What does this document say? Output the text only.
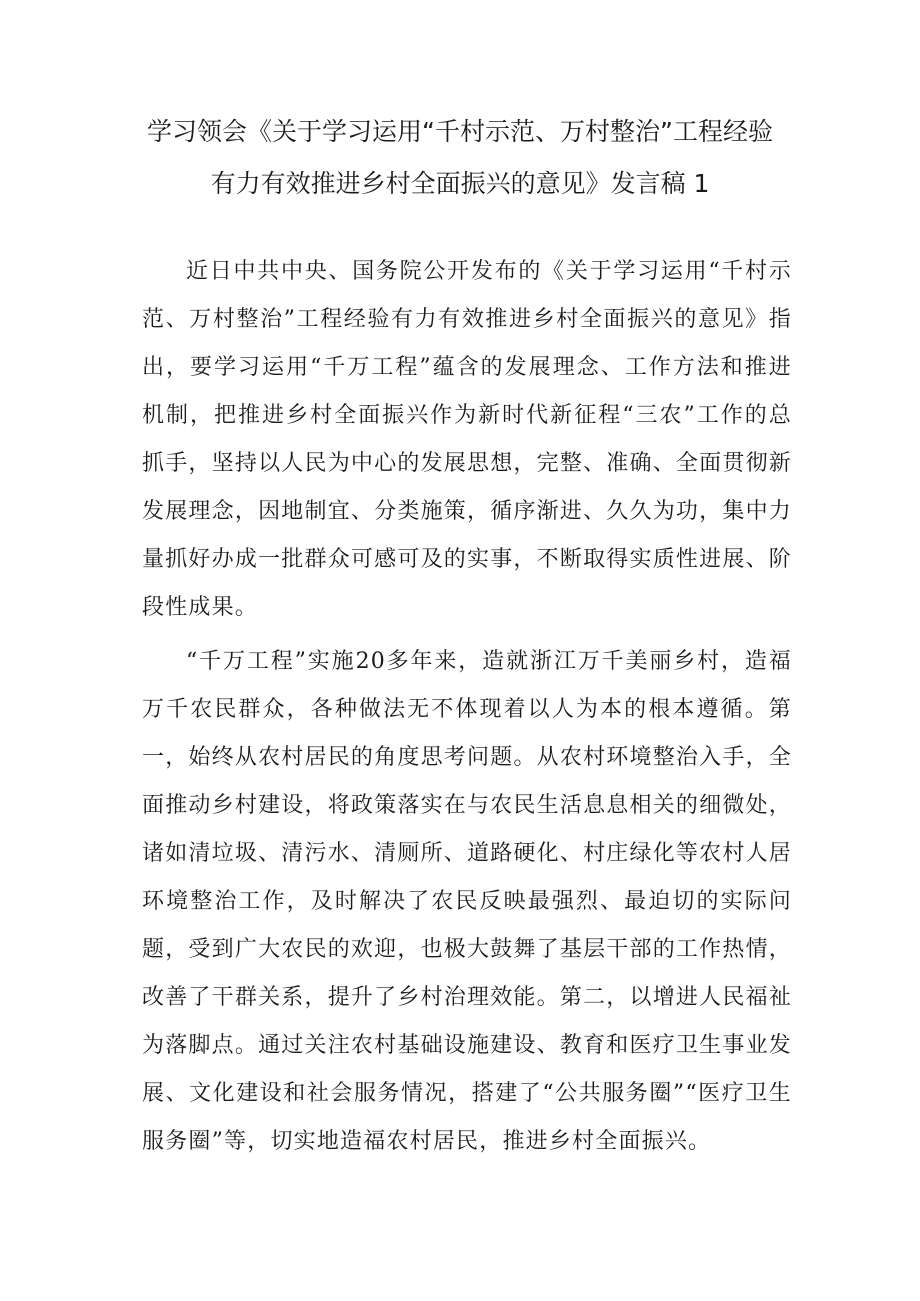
学习领会《关于学习运用“千村示范、万村整治”工程经验
有力有效推进乡村全面振兴的意见》发言稿 1

近日中共中央、国务院公开发布的《关于学习运用“千村示范、万村整治”工程经验有力有效推进乡村全面振兴的意见》指出，要学习运用“千万工程”蕴含的发展理念、工作方法和推进机制，把推进乡村全面振兴作为新时代新征程“三农”工作的总抓手，坚持以人民为中心的发展思想，完整、准确、全面贯彻新发展理念，因地制宜、分类施策，循序渐进、久久为功，集中力量抓好办成一批群众可感可及的实事，不断取得实质性进展、阶段性成果。

“千万工程”实施20多年来，造就浙江万千美丽乡村，造福万千农民群众，各种做法无不体现着以人为本的根本遵循。第一，始终从农村居民的角度思考问题。从农村环境整治入手，全面推动乡村建设，将政策落实在与农民生活息息相关的细微处，诸如清垃圾、清污水、清厕所、道路硬化、村庄绿化等农村人居环境整治工作，及时解决了农民反映最强烈、最迫切的实际问题，受到广大农民的欢迎，也极大鼓舞了基层干部的工作热情，改善了干群关系，提升了乡村治理效能。第二，以增进人民福祉为落脚点。通过关注农村基础设施建设、教育和医疗卫生事业发展、文化建设和社会服务情况，搭建了“公共服务圈”“医疗卫生服务圈”等，切实地造福农村居民，推进乡村全面振兴。
